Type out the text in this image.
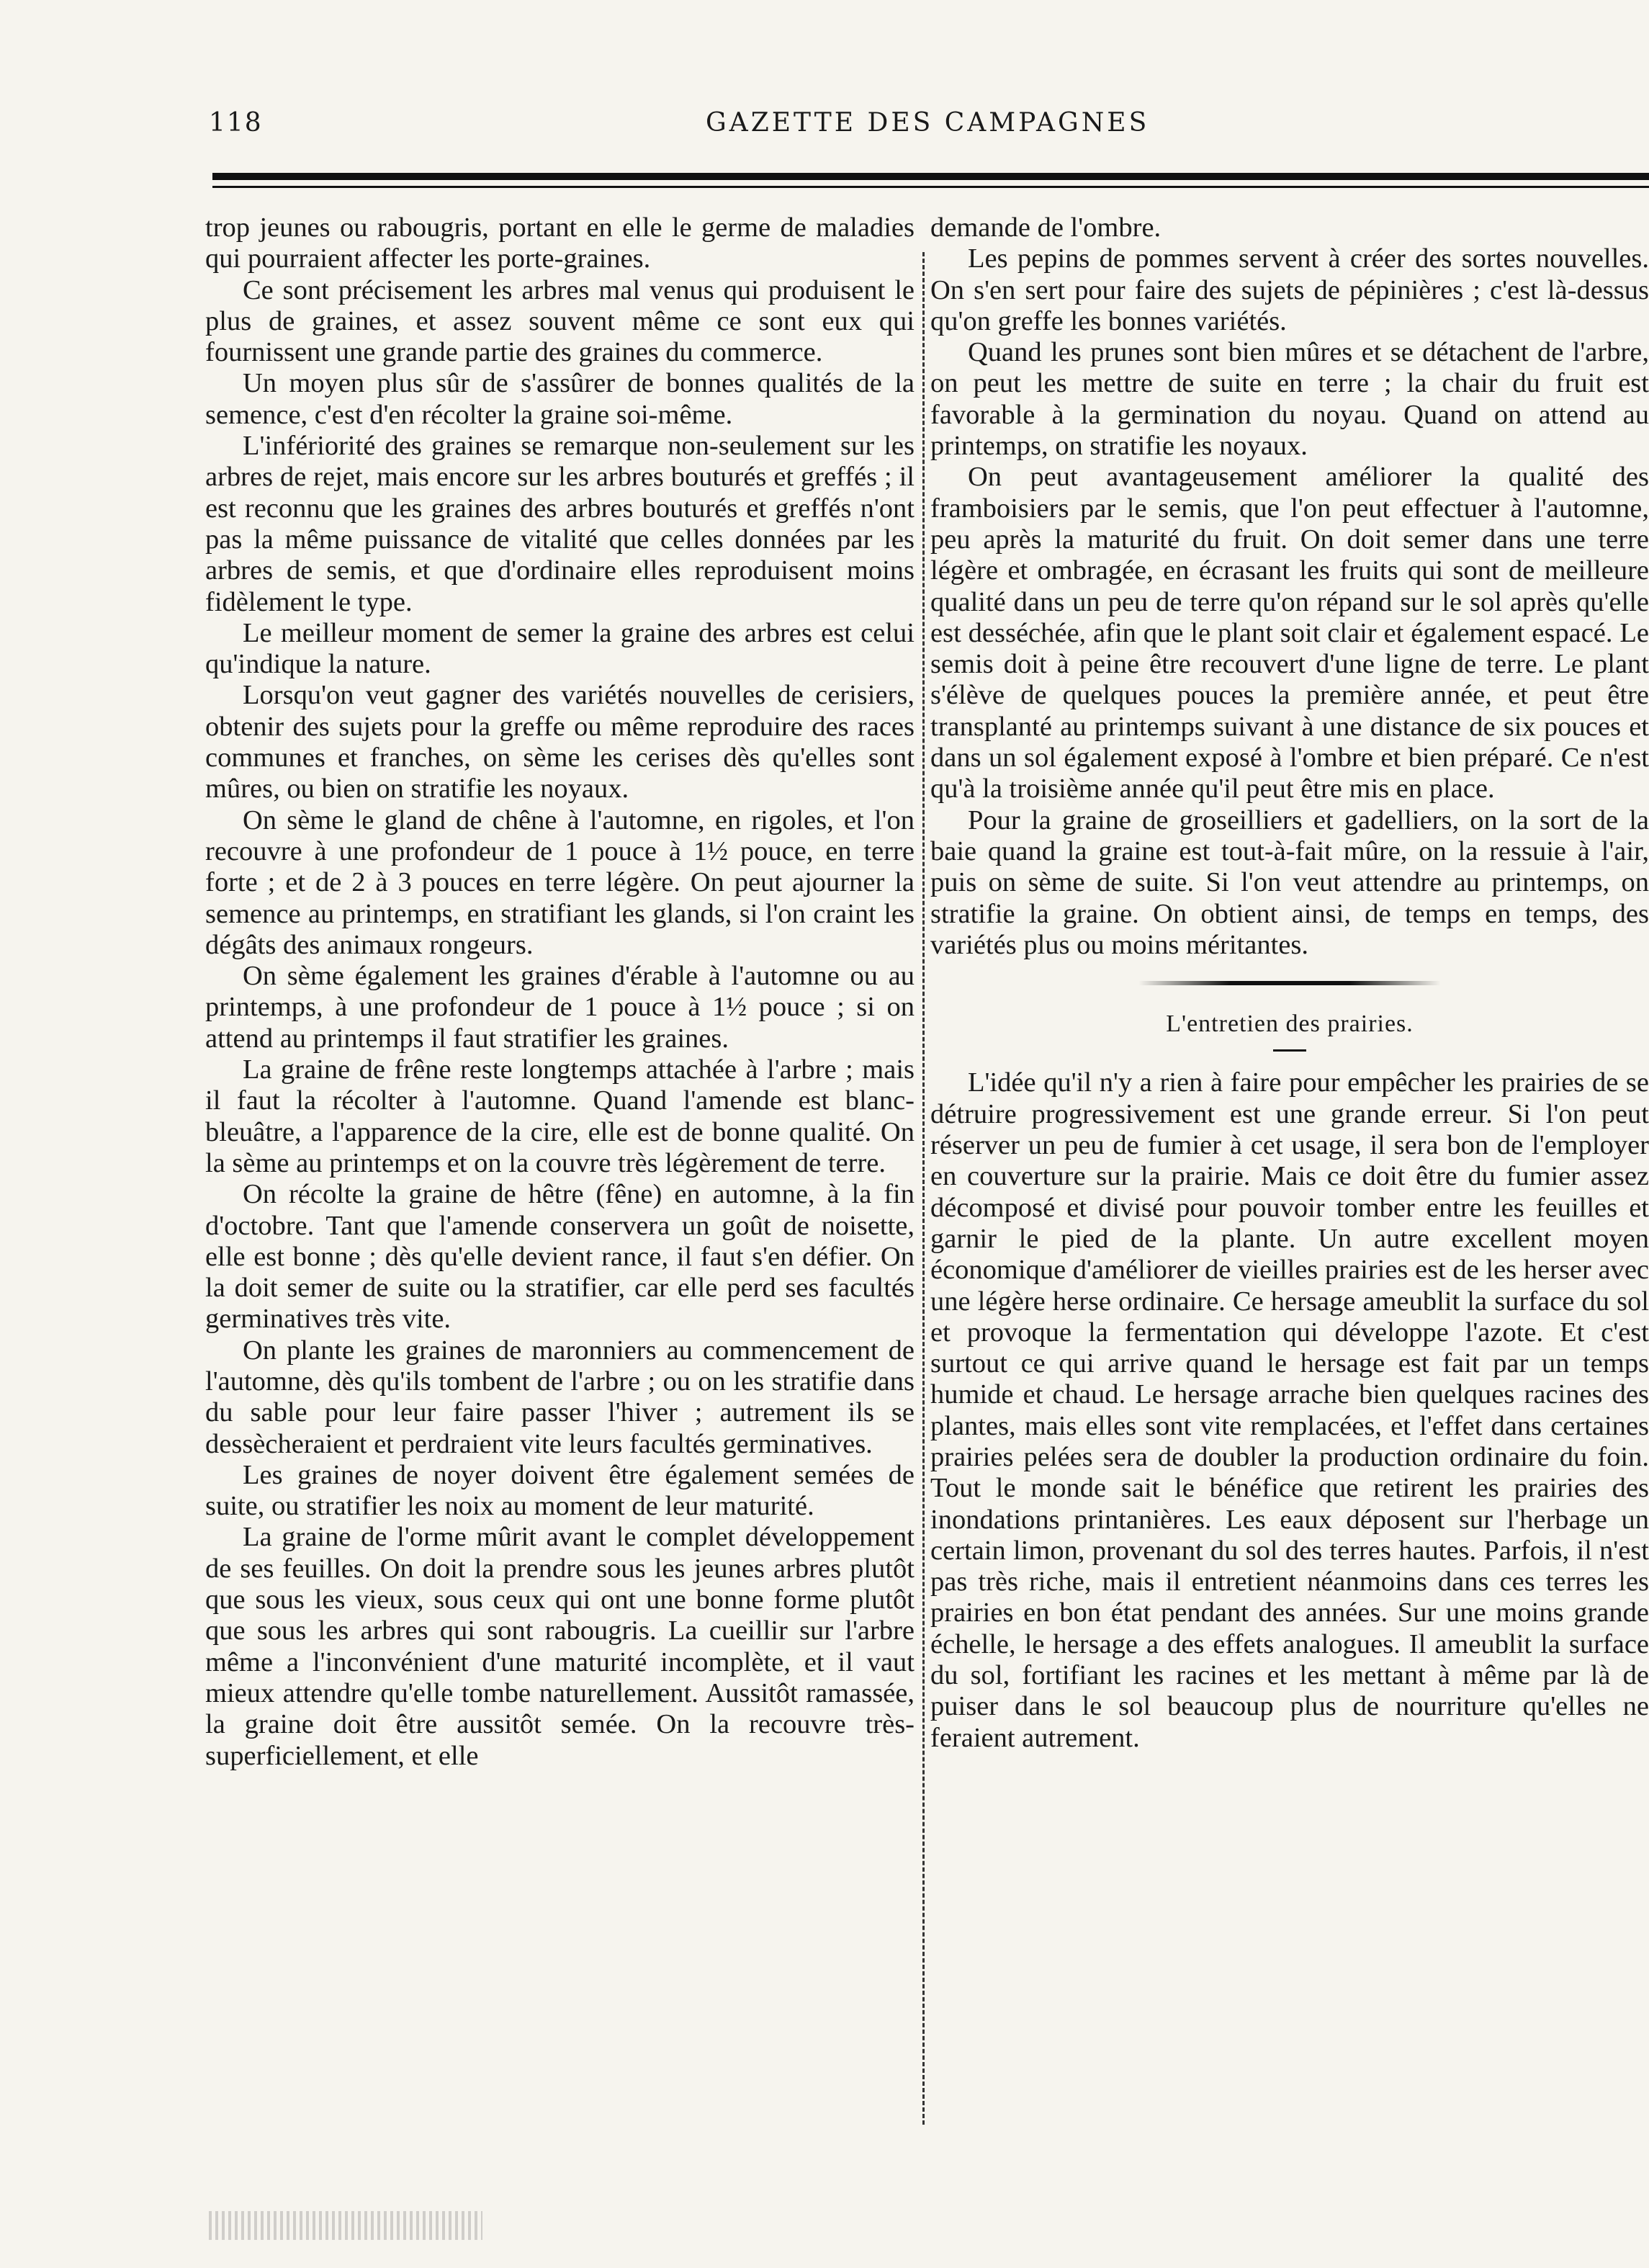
118	GAZETTE DES CAMPAGNES

trop jeunes ou rabougris, portant en elle le germe de maladies qui pourraient affecter les porte-graines.

Ce sont précisement les arbres mal venus qui produisent le plus de graines, et assez souvent même ce sont eux qui fournissent une grande partie des graines du commerce.

Un moyen plus sûr de s'assûrer de bonnes qualités de la semence, c'est d'en récolter la graine soi-même.

L'infériorité des graines se remarque non-seulement sur les arbres de rejet, mais encore sur les arbres bouturés et greffés ; il est reconnu que les graines des arbres bouturés et greffés n'ont pas la même puissance de vitalité que celles données par les arbres de semis, et que d'ordinaire elles reproduisent moins fidèlement le type.

Le meilleur moment de semer la graine des arbres est celui qu'indique la nature.

Lorsqu'on veut gagner des variétés nouvelles de cerisiers, obtenir des sujets pour la greffe ou même reproduire des races communes et franches, on sème les cerises dès qu'elles sont mûres, ou bien on stratifie les noyaux.

On sème le gland de chêne à l'automne, en rigoles, et l'on recouvre à une profondeur de 1 pouce à 1½ pouce, en terre forte ; et de 2 à 3 pouces en terre légère. On peut ajourner la semence au printemps, en stratifiant les glands, si l'on craint les dégâts des animaux rongeurs.

On sème également les graines d'érable à l'automne ou au printemps, à une profondeur de 1 pouce à 1½ pouce ; si on attend au printemps il faut stratifier les graines.

La graine de frêne reste longtemps attachée à l'arbre ; mais il faut la récolter à l'automne. Quand l'amende est blanc-bleuâtre, a l'apparence de la cire, elle est de bonne qualité. On la sème au printemps et on la couvre très légèrement de terre.

On récolte la graine de hêtre (fêne) en automne, à la fin d'octobre. Tant que l'amende conservera un goût de noisette, elle est bonne ; dès qu'elle devient rance, il faut s'en défier. On la doit semer de suite ou la stratifier, car elle perd ses facultés germinatives très vite.

On plante les graines de maronniers au commencement de l'automne, dès qu'ils tombent de l'arbre ; ou on les stratifie dans du sable pour leur faire passer l'hiver ; autrement ils se dessècheraient et perdraient vite leurs facultés germinatives.

Les graines de noyer doivent être également semées de suite, ou stratifier les noix au moment de leur maturité.

La graine de l'orme mûrit avant le complet développement de ses feuilles. On doit la prendre sous les jeunes arbres plutôt que sous les vieux, sous ceux qui ont une bonne forme plutôt que sous les arbres qui sont rabougris. La cueillir sur l'arbre même a l'inconvénient d'une maturité incomplète, et il vaut mieux attendre qu'elle tombe naturellement. Aussitôt ramassée, la graine doit être aussitôt semée. On la recouvre très-superficiellement, et elle

demande de l'ombre.

Les pepins de pommes servent à créer des sortes nouvelles. On s'en sert pour faire des sujets de pépinières ; c'est là-dessus qu'on greffe les bonnes variétés.

Quand les prunes sont bien mûres et se détachent de l'arbre, on peut les mettre de suite en terre ; la chair du fruit est favorable à la germination du noyau. Quand on attend au printemps, on stratifie les noyaux.

On peut avantageusement améliorer la qualité des framboisiers par le semis, que l'on peut effectuer à l'automne, peu après la maturité du fruit. On doit semer dans une terre légère et ombragée, en écrasant les fruits qui sont de meilleure qualité dans un peu de terre qu'on répand sur le sol après qu'elle est desséchée, afin que le plant soit clair et également espacé. Le semis doit à peine être recouvert d'une ligne de terre. Le plant s'élève de quelques pouces la première année, et peut être transplanté au printemps suivant à une distance de six pouces et dans un sol également exposé à l'ombre et bien préparé. Ce n'est qu'à la troisième année qu'il peut être mis en place.

Pour la graine de groseilliers et gadelliers, on la sort de la baie quand la graine est tout-à-fait mûre, on la ressuie à l'air, puis on sème de suite. Si l'on veut attendre au printemps, on stratifie la graine. On obtient ainsi, de temps en temps, des variétés plus ou moins méritantes.

L'entretien des prairies.

L'idée qu'il n'y a rien à faire pour empêcher les prairies de se détruire progressivement est une grande erreur. Si l'on peut réserver un peu de fumier à cet usage, il sera bon de l'employer en couverture sur la prairie. Mais ce doit être du fumier assez décomposé et divisé pour pouvoir tomber entre les feuilles et garnir le pied de la plante. Un autre excellent moyen économique d'améliorer de vieilles prairies est de les herser avec une légère herse ordinaire. Ce hersage ameublit la surface du sol et provoque la fermentation qui développe l'azote. Et c'est surtout ce qui arrive quand le hersage est fait par un temps humide et chaud. Le hersage arrache bien quelques racines des plantes, mais elles sont vite remplacées, et l'effet dans certaines prairies pelées sera de doubler la production ordinaire du foin. Tout le monde sait le bénéfice que retirent les prairies des inondations printanières. Les eaux déposent sur l'herbage un certain limon, provenant du sol des terres hautes. Parfois, il n'est pas très riche, mais il entretient néanmoins dans ces terres les prairies en bon état pendant des années. Sur une moins grande échelle, le hersage a des effets analogues. Il ameublit la surface du sol, fortifiant les racines et les mettant à même par là de puiser dans le sol beaucoup plus de nourriture qu'elles ne feraient autrement.
